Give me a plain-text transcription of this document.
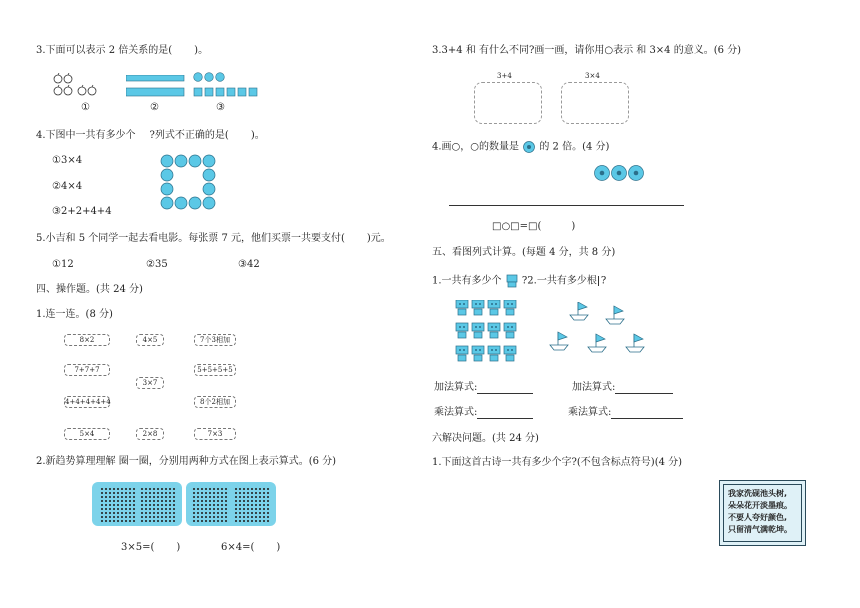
3.下面可以表示 2 倍关系的是( )。
①	②	③
4.下图中一共有多少个 ?列式不正确的是( )。
①3×4
②4×4
③2+2+4+4
5.小吉和 5 个同学一起去看电影。每张票 7 元，他们买票一共要支付( )元。
①12	②35	③42
四、操作题。(共 24 分)
1.连一连。(8 分)
8×2
7+7+7
4+4+4+4+4
5×4
4×5
3×7
2×8
7个3相加
5+5+5+5
8个2相加
7×3
2.新趋势算理理解 圈一圈，分别用两种方式在图上表示算式。(6 分)
3×5=( )	6×4=( )
3.3+4 和 有什么不同?画一画，请你用○表示 和 3×4 的意义。(6 分)
3+4	3×4
4.画○，○的数量是 的 2 倍。(4 分)
□○□=□(	)
五、看图列式计算。(每题 4 分，共 8 分)
1.一共有多少个 ?2.一共有多少根 ?
加法算式:	加法算式:
乘法算式:	乘法算式:
六解决问题。(共 24 分)
1.下面这首古诗一共有多少个字?(不包含标点符号)(4 分)
我家洗砚池头树,
朵朵花开淡墨痕。
不要人夸好颜色,
只留清气满乾坤。
